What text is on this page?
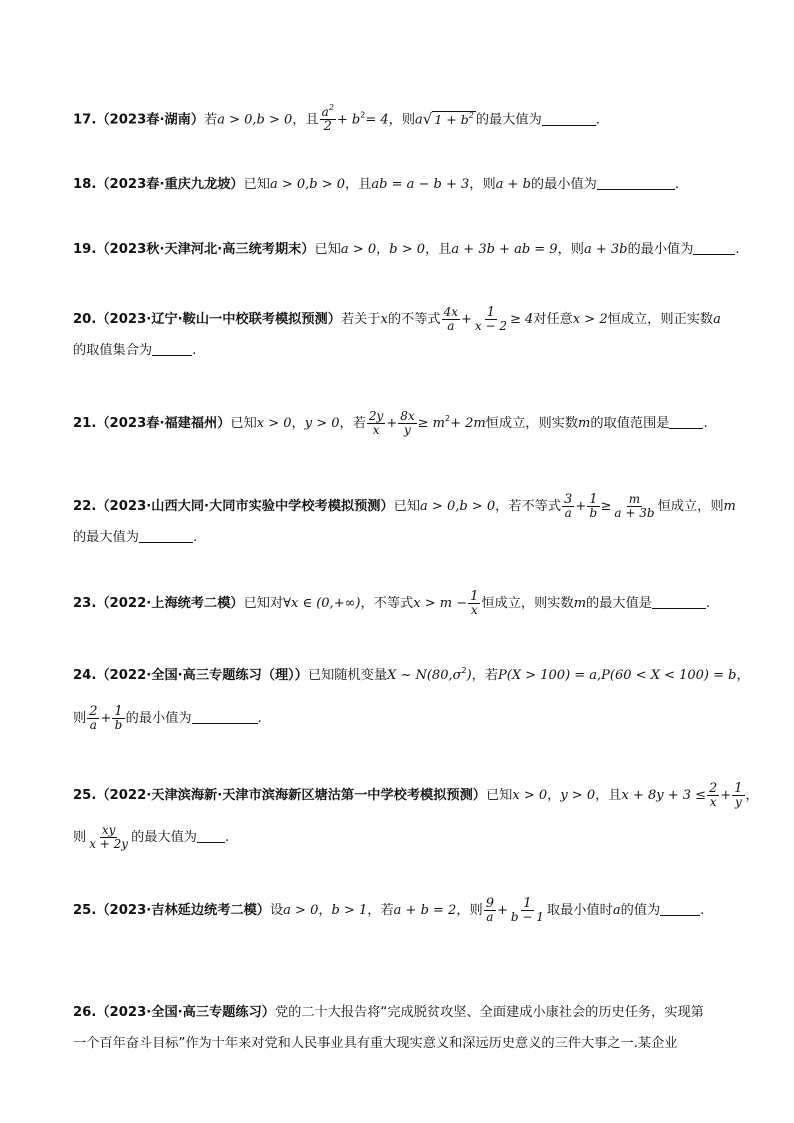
17.（2023春·湖南）若a > 0,b > 0，且 $\frac{a^2}{2} + b^2= 4$，则a√ $1 + b^2$ 的最大值为	.
18.（2023春·重庆九龙坡）已知a > 0,b > 0，且ab = a − b + 3，则a + b的最小值为	.
19.（2023秋·天津河北·高三统考期末）已知a > 0，b > 0，且a + 3b + ab = 9，则a + 3b的最小值为	.
20.（2023·辽宁·鞍山一中校联考模拟预测）若关于x的不等式 $\frac{4x}{a} + \frac{1}{x - 2} \ge 4$对任意x > 2恒成立，则正实数a
的取值集合为	.
21.（2023春·福建福州）已知x > 0，y > 0，若 $\frac{2y}{x} + \frac{8x}{y} \ge m^2+ 2m$恒成立，则实数m的取值范围是	.
22.（2023·山西大同·大同市实验中学校考模拟预测）已知a > 0,b > 0，若不等式 $\frac{3}{a} + \frac{1}{b} \ge \frac{m}{a + 3b}$ 恒成立，则m
的最大值为	.
23.（2022·上海统考二模）已知对∀x ∈ (0,+∞)，不等式$x > m - \frac{1}{x}$ 恒成立，则实数m的最大值是	.
24.（2022·全国·高三专题练习（理））已知随机变量X ~ $N(80,\sigma^2)$，若P(X > 100) = a,P(60 < X < 100) = b，
则 $\frac{2}{a} + \frac{1}{b}$ 的最小值为	.
25.（2022·天津滨海新·天津市滨海新区塘沽第一中学校考模拟预测）已知x > 0，y > 0，且$x + 8y + 3 \le \frac{2}{x} + \frac{1}{y}$ ，
则 $\frac{xy}{x + 2y}$ 的最大值为 .
25.（2023·吉林延边统考二模）设a > 0，b > 1，若a + b = 2，则 $\frac{9}{a} + \frac{1}{b - 1}$ 取最小值时a的值为	.
26.（2023·全国·高三专题练习）党的二十大报告将“完成脱贫攻坚、全面建成小康社会的历史任务，实现第
一个百年奋斗目标”作为十年来对党和人民事业具有重大现实意义和深远历史意义的三件大事之一.某企业
